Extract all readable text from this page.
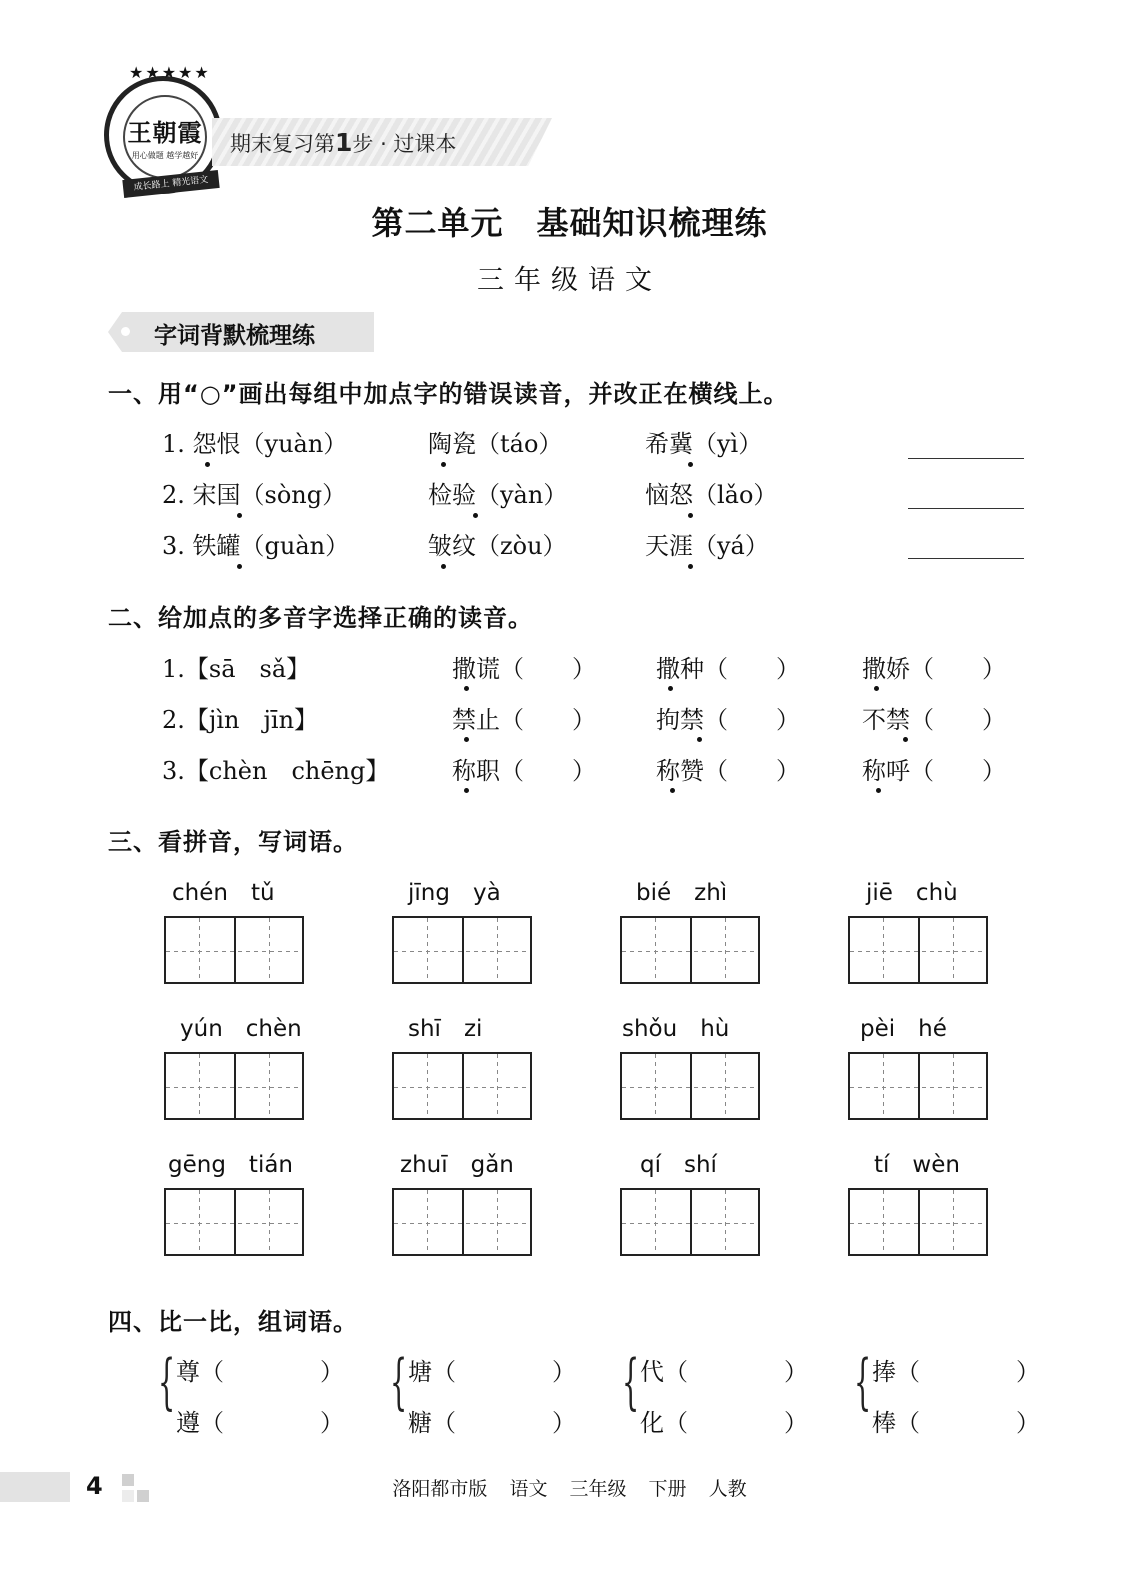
★★★★★
王朝霞
用心做题 越学越好
成长路上 精光语文
期末复习第1步 · 过课本
第二单元　基础知识梳理练
三年级语文
字词背默梳理练
一、用“○”画出每组中加点字的错误读音，并改正在横线上。
1. 怨恨（yuàn）	陶瓷（táo）	希冀（yì）
2. 宋国（sòng）	检验（yàn）	恼怒（lǎo）
3. 铁罐（guàn）	皱纹（zòu）	天涯（yá）
二、给加点的多音字选择正确的读音。
1.【sā　sǎ】	撒谎（　　）	撒种（　　）	撒娇（　　）
2.【jìn　jīn】	禁止（　　）	拘禁（　　）	不禁（　　）
3.【chèn　chēng】	称职（　　）	称赞（　　）	称呼（　　）
三、看拼音，写词语。
chén　tǔ	jīng　yà	bié　zhì	jiē　chù
yún　chèn	shī　zi	shǒu　hù	pèi　hé
gēng　tián	zhuī　gǎn	qí　shí	tí　wèn
四、比一比，组词语。
{ 尊（　　　　）
遵（　　　　）
{ 塘（　　　　）
糖（　　　　）
{ 代（　　　　）
化（　　　　）
{ 捧（　　　　）
棒（　　　　）
4	洛阳都市版 语文 三年级 下册 人教
